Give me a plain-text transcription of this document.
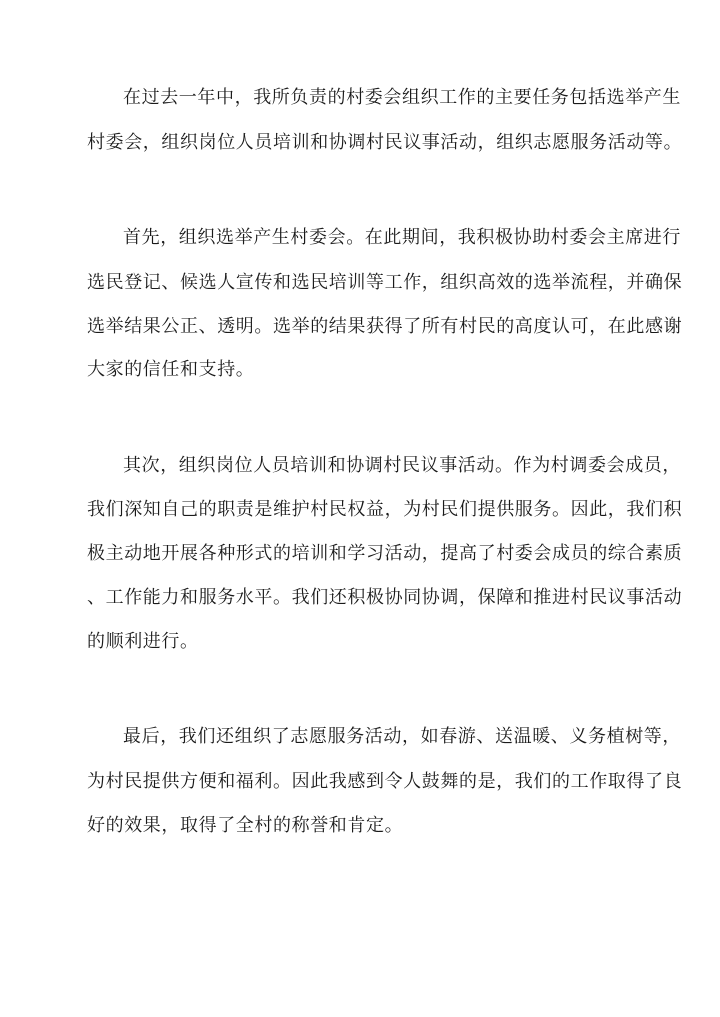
在过去一年中，我所负责的村委会组织工作的主要任务包括选举产生
村委会，组织岗位人员培训和协调村民议事活动，组织志愿服务活动等。
首先，组织选举产生村委会。在此期间，我积极协助村委会主席进行
选民登记、候选人宣传和选民培训等工作，组织高效的选举流程，并确保
选举结果公正、透明。选举的结果获得了所有村民的高度认可，在此感谢
大家的信任和支持。
其次，组织岗位人员培训和协调村民议事活动。作为村调委会成员，
我们深知自己的职责是维护村民权益，为村民们提供服务。因此，我们积
极主动地开展各种形式的培训和学习活动，提高了村委会成员的综合素质
、工作能力和服务水平。我们还积极协同协调，保障和推进村民议事活动
的顺利进行。
最后，我们还组织了志愿服务活动，如春游、送温暖、义务植树等，
为村民提供方便和福利。因此我感到令人鼓舞的是，我们的工作取得了良
好的效果，取得了全村的称誉和肯定。
